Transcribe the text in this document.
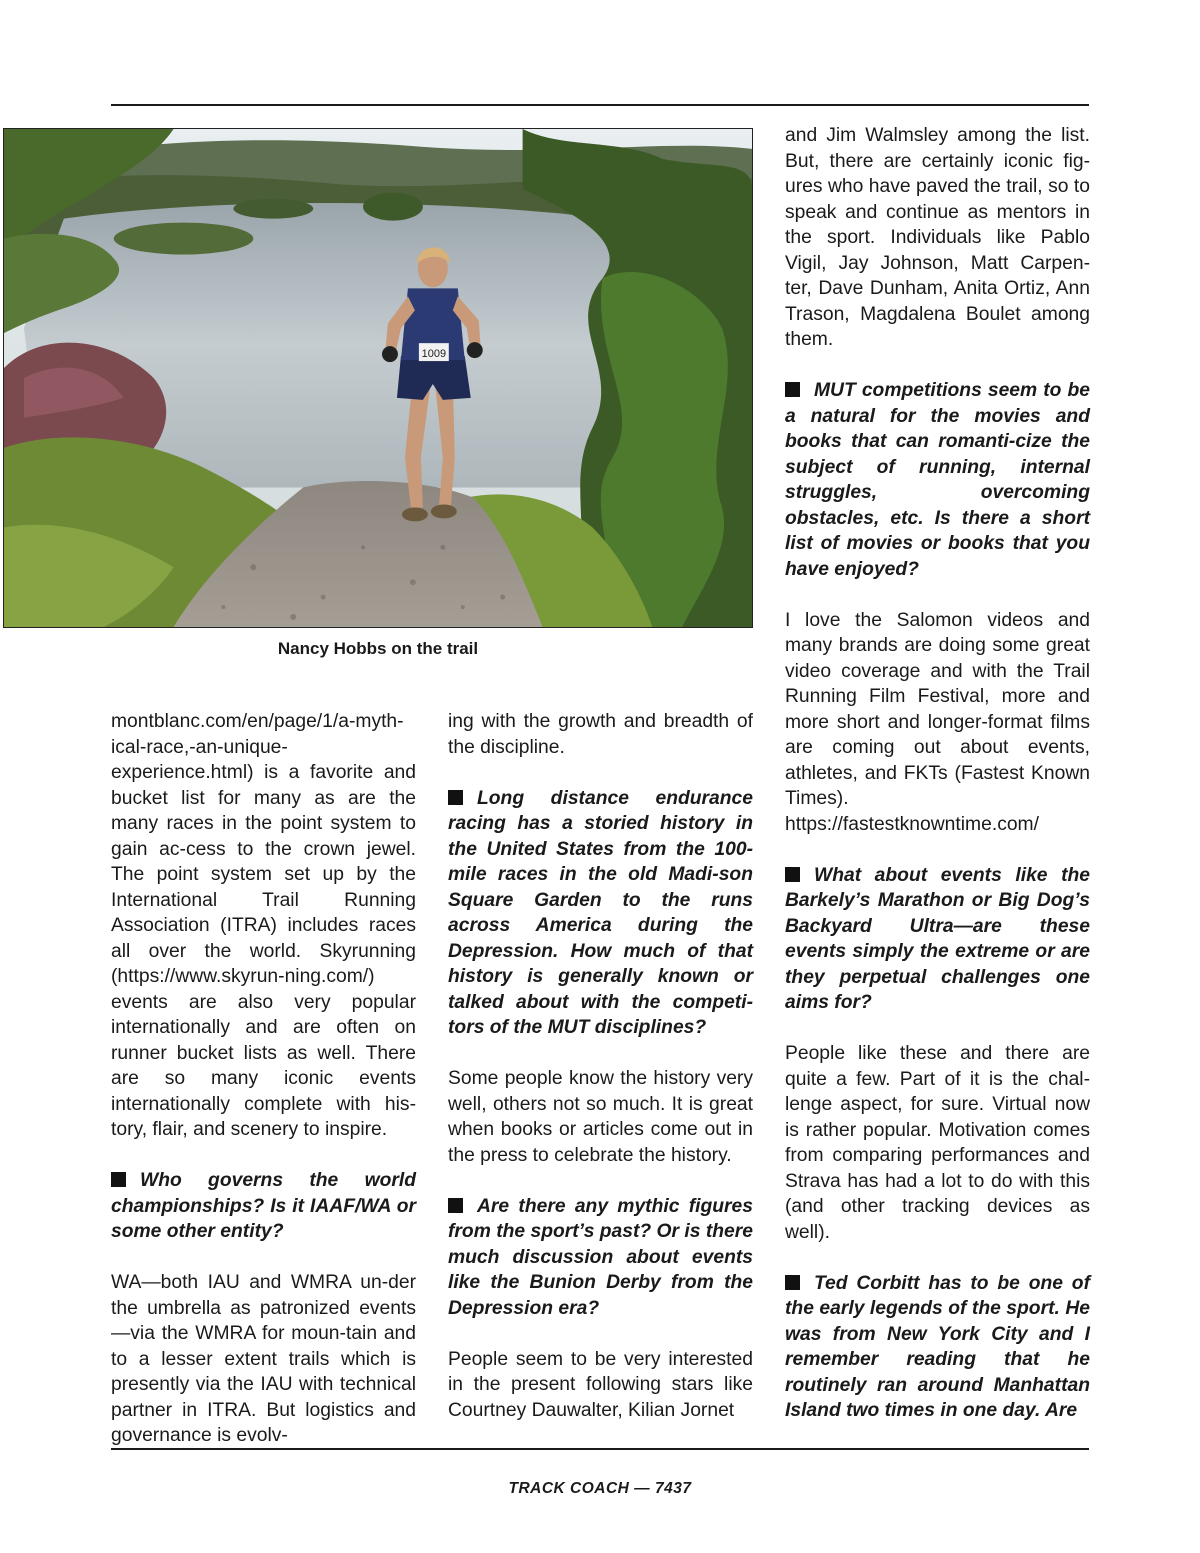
1009
Nancy Hobbs on the trail

montblanc.com/en/page/1/a-myth-ical-race,-an-unique-experience.html) is a favorite and bucket list for many as are the many races in the point system to gain ac-cess to the crown jewel. The point system set up by the International Trail Running Association (ITRA) includes races all over the world. Skyrunning (https://www.skyrun-ning.com/) events are also very popular internationally and are often on runner bucket lists as well. There are so many iconic events internationally complete with his-tory, flair, and scenery to inspire.

Who governs the world championships? Is it IAAF/WA or some other entity?

WA—both IAU and WMRA un-der the umbrella as patronized events—via the WMRA for moun-tain and to a lesser extent trails which is presently via the IAU with technical partner in ITRA. But logistics and governance is evolv-

ing with the growth and breadth of the discipline.

Long distance endurance racing has a storied history in the United States from the 100-mile races in the old Madi-son Square Garden to the runs across America during the Depression. How much of that history is generally known or talked about with the competi-tors of the MUT disciplines?

Some people know the history very well, others not so much. It is great when books or articles come out in the press to celebrate the history.

Are there any mythic figures from the sport’s past? Or is there much discussion about events like the Bunion Derby from the Depression era?

People seem to be very interested in the present following stars like Courtney Dauwalter, Kilian Jornet

and Jim Walmsley among the list. But, there are certainly iconic fig-ures who have paved the trail, so to speak and continue as mentors in the sport. Individuals like Pablo Vigil, Jay Johnson, Matt Carpen-ter, Dave Dunham, Anita Ortiz, Ann Trason, Magdalena Boulet among them.

MUT competitions seem to be a natural for the movies and books that can romanti-cize the subject of running, internal struggles, overcoming obstacles, etc. Is there a short list of movies or books that you have enjoyed?

I love the Salomon videos and many brands are doing some great video coverage and with the Trail Running Film Festival, more and more short and longer-format films are coming out about events, athletes, and FKTs (Fastest Known Times). https://fastestknowntime.com/

What about events like the Barkely’s Marathon or Big Dog’s Backyard Ultra—are these events simply the extreme or are they perpetual challenges one aims for?

People like these and there are quite a few. Part of it is the chal-lenge aspect, for sure. Virtual now is rather popular. Motivation comes from comparing performances and Strava has had a lot to do with this (and other tracking devices as well).

Ted Corbitt has to be one of the early legends of the sport. He was from New York City and I remember reading that he routinely ran around Manhattan Island two times in one day. Are

TRACK COACH — 7437
